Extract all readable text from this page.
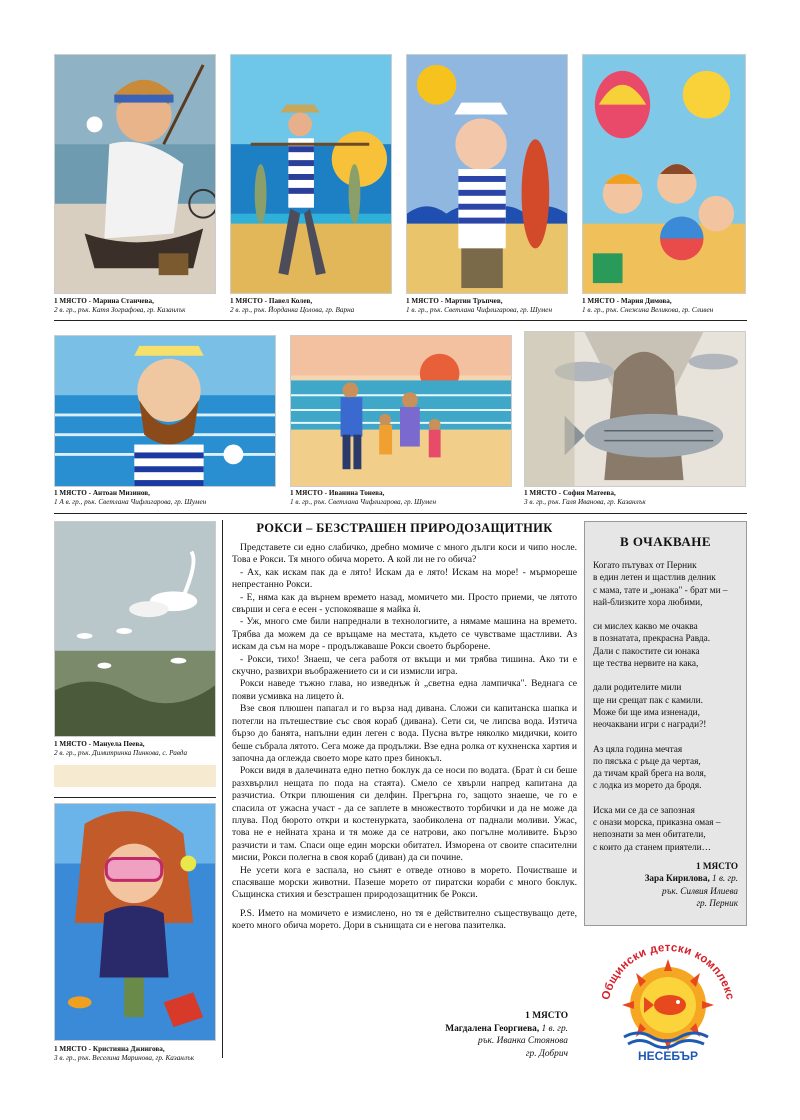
1 МЯСТО - Марина Станчева,
2 в. гр., рък. Катя Зографова, гр. Казанлък
1 МЯСТО - Павел Колев,
2 в. гр., рък. Йорданка Цолова, гр. Варна
1 МЯСТО - Мартин Тръпчев,
1 в. гр., рък. Светлана Чифлигарова, гр. Шумен
1 МЯСТО - Мария Димова,
1 в. гр., рък. Снежина Великова, гр. Сливен
1 МЯСТО - Антоан Мизинов,
1 А в. гр., рък. Светлана Чифлигарова, гр. Шумен
1 МЯСТО - Иванина Тонева,
1 в. гр., рък. Светлана Чифлигарова, гр. Шумен
1 МЯСТО - София Матеева,
3 в. гр., рък. Галя Иванова, гр. Казанлък
1 МЯСТО - Мануела Пеева,
2 в. гр., рък. Димитринка Пинкова, с. Равда
1 МЯСТО - Кристияна Джингова,
3 в. гр., рък. Веселина Маринова, гр. Казанлък
РОКСИ – БЕЗСТРАШЕН ПРИРОДОЗАЩИТНИК

Представете си едно слабичко, дребно момиче с много дълги коси и чипо носле. Това е Рокси. Тя много обича морето. А кой ли не го обича?

- Ах, как искам пак да е лято! Искам да е лято! Искам на море! - мърмореше непрестанно Рокси.

- Е, няма как да върнем времето назад, момичето ми. Просто приеми, че лятото свърши и сега е есен - успокояваше я майка ѝ.

- Уж, много сме били напреднали в технологиите, а нямаме машина на времето. Трябва да можем да се връщаме на местата, където се чувстваме щастливи. Аз искам да съм на море - продължаваше Рокси своето бърборене.

- Рокси, тихо! Знаеш, че сега работя от вкъщи и ми трябва тишина. Ако ти е скучно, развихри въображението си и си измисли игра.

Рокси наведе тъжно глава, но изведнъж ѝ „светна една лампичка". Веднага се появи усмивка на лицето ѝ.

Взе своя плюшен папагал и го върза над дивана. Сложи си капитанска шапка и потегли на пътешествие със своя кораб (дивана). Сети си, че липсва вода. Изтича бързо до банята, напълни един леген с вода. Пусна вътре няколко мидички, които беше събрала лятото. Сега може да продължи. Взе една ролка от кухненска хартия и започна да оглежда своето море като през бинокъл.

Рокси видя в далечината едно петно боклук да се носи по водата. (Брат ѝ си беше разхвърлил нещата по пода на стаята). Смело се хвърли напред капитана да разчистиа. Откри плюшения си делфин. Прегърна го, защото знаеше, че го е спасила от ужасна участ - да се заплете в множеството торбички и да не може да плува. Под бюрото откри и костенурката, зaобиколена от паднали моливи. Ужас, това не е нейната храна и тя може да се натрови, ако погълне моливите. Бързо разчисти и там. Спаси още един морски обитател. Изморена от своите спасителни мисии, Рокси полегна в своя кораб (диван) да си почине.

Не усети кога е заспала, но сънят е отведе отново в морето. Почистваше и спасяваше морски животни. Пазеше морето от пиратски кораби с много боклук. Същинска стихия и безстрашен природозащитник бе Рокси.

P.S. Името на момичето е измислено, но тя е действително съществуващо дете, което много обича морето. Дори в сънищата си е негова пазителка.

1 МЯСТО
Магдалена Георгиева, 1 в. гр.
рък. Иванка Стоянова
гр. Добрич
В ОЧАКВАНЕ
Когато пътувах от Перник
в един летен и щастлив делник
с мама, тате и „юнака" - брат ми –
най-близките хора любими,
си мислех какво ме очаква
в познатата, прекрасна Равда.
Дали с пакостите си юнака
ще тества нервите на кака,
дали родителите мили
ще ни срещат пак с камили.
Може би ще има изненади,
неочаквани игри с награди?!
Аз цяла година мечтая
по пясъка с ръце да чертая,
да тичам край брега на воля,
с лодка из морето да бродя.
Искa ми се да се запозная
с онази морска, приказна омая –
непознати за мен обитатели,
с които да станем приятели…
1 МЯСТО
Зара Кирилова, 1 в. гр.
рък. Силвия Илиева
гр. Перник
Общински детски комплекс
НЕСЕБЪР
